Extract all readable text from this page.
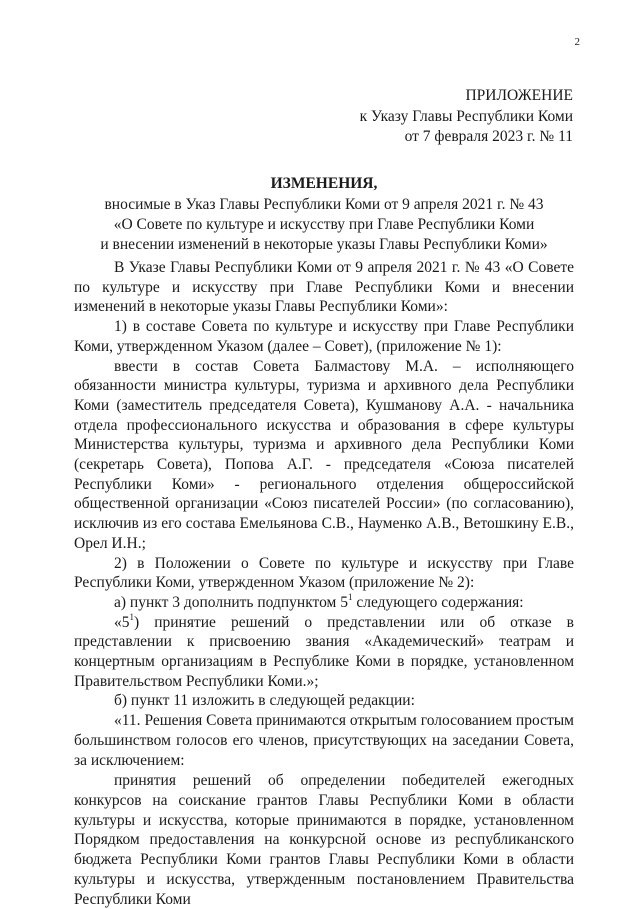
2
ПРИЛОЖЕНИЕ
к Указу Главы Республики Коми
от 7 февраля 2023 г. № 11
ИЗМЕНЕНИЯ,
вносимые в Указ Главы Республики Коми от 9 апреля 2021 г. № 43
«О Совете по культуре и искусству при Главе Республики Коми
и внесении изменений в некоторые указы Главы Республики Коми»

В Указе Главы Республики Коми от 9 апреля 2021 г. № 43 «О Совете по культуре и искусству при Главе Республики Коми и внесении изменений в некоторые указы Главы Республики Коми»:

1) в составе Совета по культуре и искусству при Главе Республики Коми, утвержденном Указом (далее – Совет), (приложение № 1):

ввести в состав Совета Балмастову М.А. – исполняющего обязанности министра культуры, туризма и архивного дела Республики Коми (заместитель председателя Совета), Кушманову А.А. - начальника отдела профессионального искусства и образования в сфере культуры Министерства культуры, туризма и архивного дела Республики Коми (секретарь Совета), Попова А.Г. - председателя «Союза писателей Республики Коми» - регионального отделения общероссийской общественной организации «Союз писателей России» (по согласованию), исключив из его состава Емельянова С.В., Науменко А.В., Ветошкину Е.В., Орел И.Н.;

2) в Положении о Совете по культуре и искусству при Главе Республики Коми, утвержденном Указом (приложение № 2):

а) пункт 3 дополнить подпунктом $5^1$ следующего содержания:

«$5^1$) принятие решений о представлении или об отказе в представлении к присвоению звания «Академический» театрам и концертным организациям в Республике Коми в порядке, установленном Правительством Республики Коми.»;

б) пункт 11 изложить в следующей редакции:

«11. Решения Совета принимаются открытым голосованием простым большинством голосов его членов, присутствующих на заседании Совета, за исключением:

принятия решений об определении победителей ежегодных конкурсов на соискание грантов Главы Республики Коми в области культуры и искусства, которые принимаются в порядке, установленном Порядком предоставления на конкурсной основе из республиканского бюджета Республики Коми грантов Главы Республики Коми в области культуры и искусства, утвержденным постановлением Правительства Республики Коми
